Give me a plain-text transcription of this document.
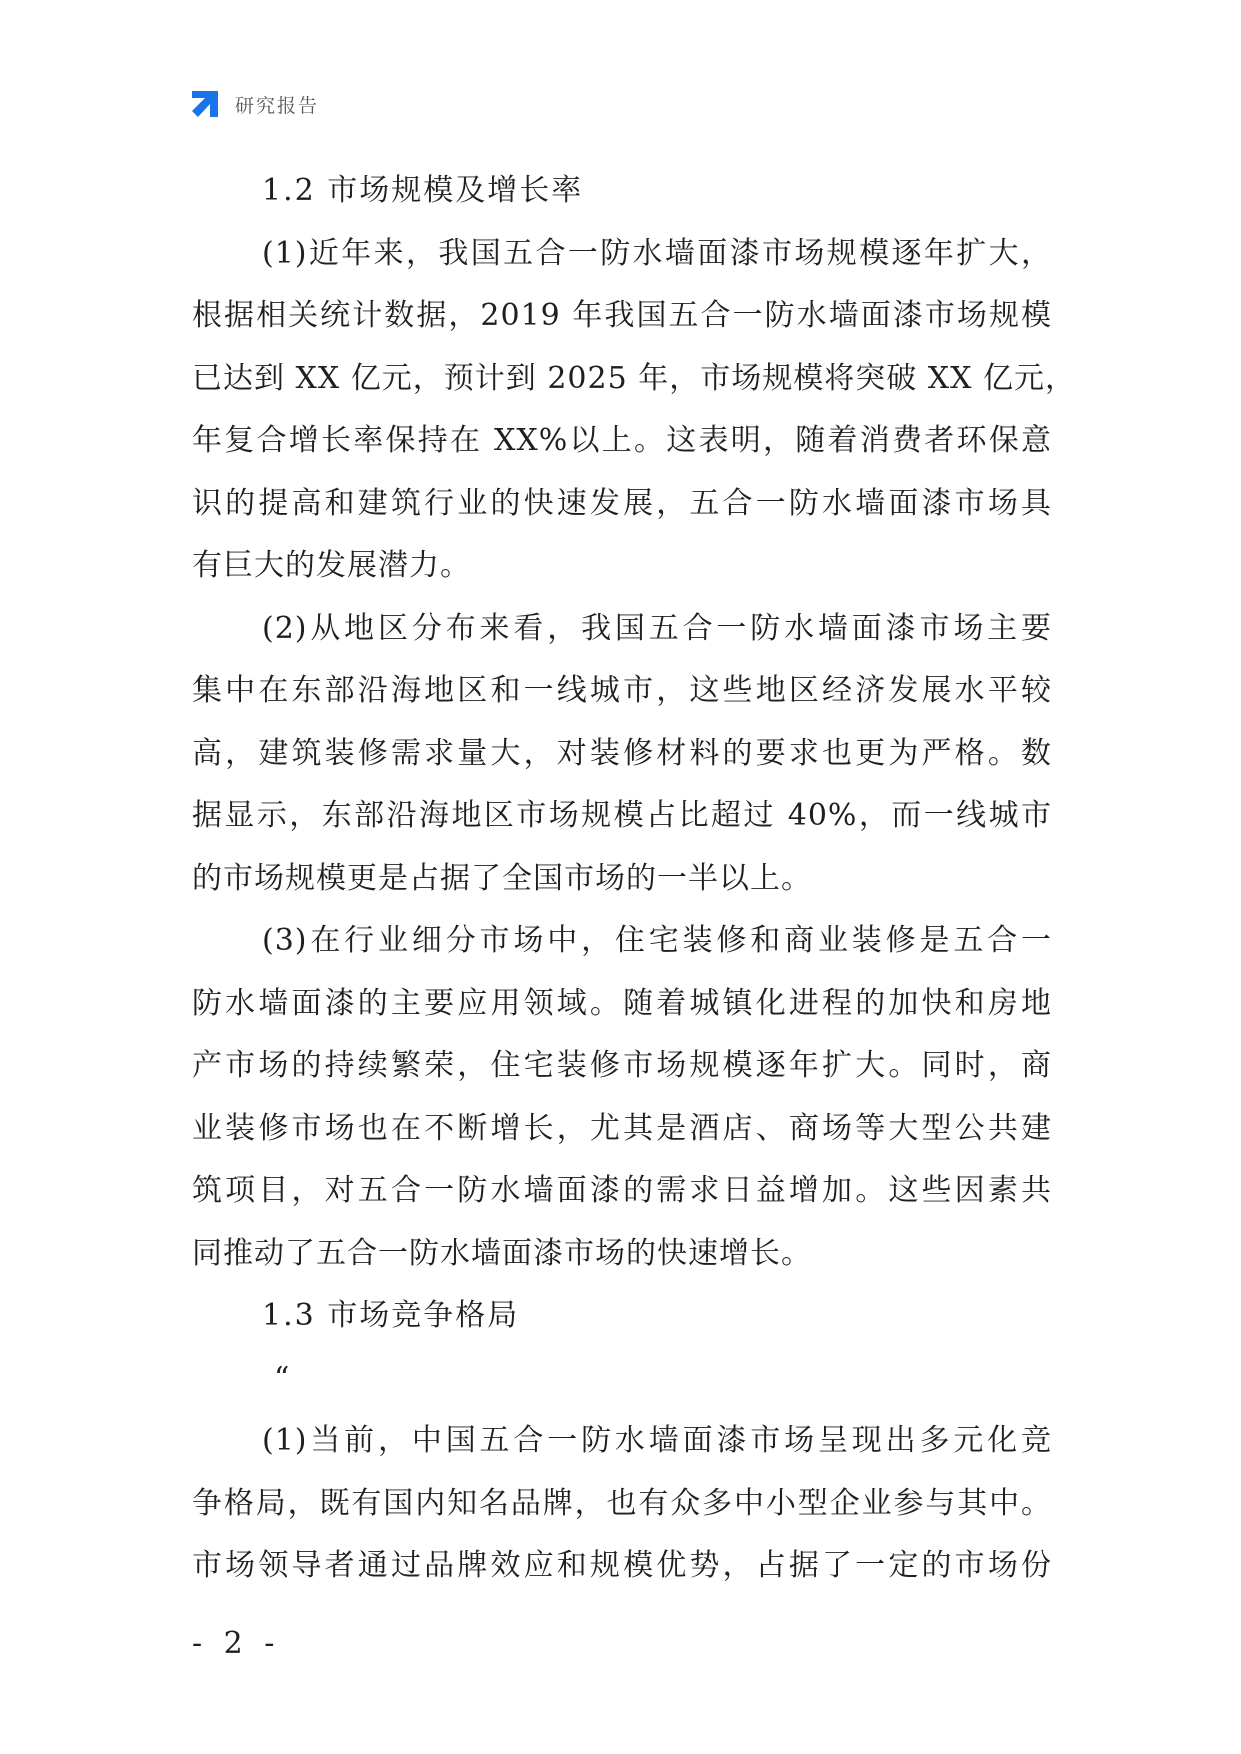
研究报告
1.2 市场规模及增长率
(1)近年来，我国五合一防水墙面漆市场规模逐年扩大，
根据相关统计数据，2019 年我国五合一防水墙面漆市场规模
已达到 XX 亿元，预计到 2025 年，市场规模将突破 XX 亿元，
年复合增长率保持在 XX%以上。这表明，随着消费者环保意
识的提高和建筑行业的快速发展，五合一防水墙面漆市场具
有巨大的发展潜力。
(2)从地区分布来看，我国五合一防水墙面漆市场主要
集中在东部沿海地区和一线城市，这些地区经济发展水平较
高，建筑装修需求量大，对装修材料的要求也更为严格。数
据显示，东部沿海地区市场规模占比超过 40%，而一线城市
的市场规模更是占据了全国市场的一半以上。
(3)在行业细分市场中，住宅装修和商业装修是五合一
防水墙面漆的主要应用领域。随着城镇化进程的加快和房地
产市场的持续繁荣，住宅装修市场规模逐年扩大。同时，商
业装修市场也在不断增长，尤其是酒店、商场等大型公共建
筑项目，对五合一防水墙面漆的需求日益增加。这些因素共
同推动了五合一防水墙面漆市场的快速增长。
1.3 市场竞争格局
“
(1)当前，中国五合一防水墙面漆市场呈现出多元化竞
争格局，既有国内知名品牌，也有众多中小型企业参与其中。
市场领导者通过品牌效应和规模优势，占据了一定的市场份
- 2 -
